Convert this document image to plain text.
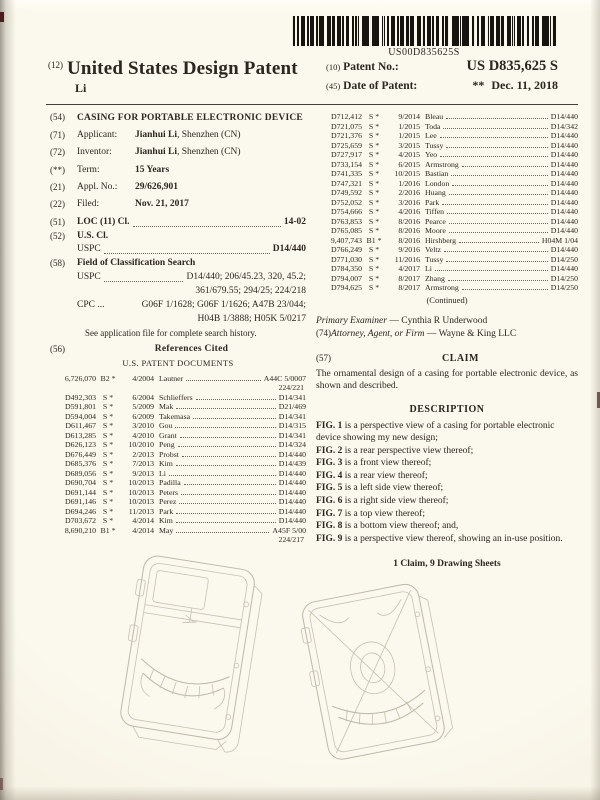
US00D835625S
$^{(12)}$ United States Design Patent
Li
(10) Patent No.:	US D835,625 S
(45) Date of Patent:	** Dec. 11, 2018
(54)	CASING FOR PORTABLE ELECTRONIC DEVICE
(71)	Applicant:	Jianhui Li, Shenzhen (CN)
(72)	Inventor:	Jianhui Li, Shenzhen (CN)
(**)	Term:	15 Years
(21)	Appl. No.:	29/626,901
(22)	Filed:	Nov. 21, 2017
(51)	LOC (11) Cl.	14-02
(52)	U.S. Cl.
USPC	D14/440
(58)	Field of Classification Search
USPC	D14/440; 206/45.23, 320, 45.2;
361/679.55; 294/25; 224/218
CPC ...	G06F 1/1628; G06F 1/1626; A47B 23/044;
H04B 1/3888; H05K 5/0217
See application file for complete search history.
(56)	References Cited
U.S. PATENT DOCUMENTS
6,726,070 B2 *	4/2004 Lautner	A44C 5/0007
224/221
D492,303 S *	6/2004 Schlieffers	D14/341
D591,801 S *	5/2009 Mak	D21/469
D594,004 S *	6/2009 Takemasa	D14/341
D611,467 S *	3/2010 Gou	D14/315
D613,285 S *	4/2010 Grant	D14/341
D626,123 S *	10/2010 Peng	D14/324
D676,449 S *	2/2013 Probst	D14/440
D685,376 S *	7/2013 Kim	D14/439
D689,056 S *	9/2013 Li	D14/440
D690,704 S *	10/2013 Padilla	D14/440
D691,144 S *	10/2013 Peters	D14/440
D691,146 S *	10/2013 Perez	D14/440
D694,246 S *	11/2013 Park	D14/440
D703,672 S *	4/2014 Kim	D14/440
8,690,210 B1 *	4/2014 May	A45F 5/00
224/217
D712,412 S *	9/2014 Bleau	D14/440
D721,075 S *	1/2015 Toda	D14/342
D721,376 S *	1/2015 Lee	D14/440
D725,659 S *	3/2015 Tussy	D14/440
D727,917 S *	4/2015 Yeo	D14/440
D733,154 S *	6/2015 Armstrong	D14/440
D741,335 S *	10/2015 Bastian	D14/440
D747,321 S *	1/2016 London	D14/440
D749,592 S *	2/2016 Huang	D14/440
D752,052 S *	3/2016 Park	D14/440
D754,666 S *	4/2016 Tiffen	D14/440
D763,853 S *	8/2016 Pearce	D14/440
D765,085 S *	8/2016 Moore	D14/440
9,407,743 B1 *	8/2016 Hirshberg	H04M 1/04
D766,249 S *	9/2016 Veltz	D14/440
D771,030 S *	11/2016 Tussy	D14/250
D784,350 S *	4/2017 Li	D14/440
D794,007 S *	8/2017 Zhang	D14/250
D794,625 S *	8/2017 Armstrong	D14/250
(Continued)
Primary Examiner — Cynthia R Underwood
(74)Attorney, Agent, or Firm — Wayne & King LLC
(57)	CLAIM
The ornamental design of a casing for portable electronic device, as shown and described.
DESCRIPTION
FIG. 1 is a perspective view of a casing for portable electronic device showing my new design;
FIG. 2 is a rear perspective view thereof;
FIG. 3 is a front view thereof;
FIG. 4 is a rear view thereof;
FIG. 5 is a left side view thereof;
FIG. 6 is a right side view thereof;
FIG. 7 is a top view thereof;
FIG. 8 is a bottom view thereof; and,
FIG. 9 is a perspective view thereof, showing an in-use position.
1 Claim, 9 Drawing Sheets
